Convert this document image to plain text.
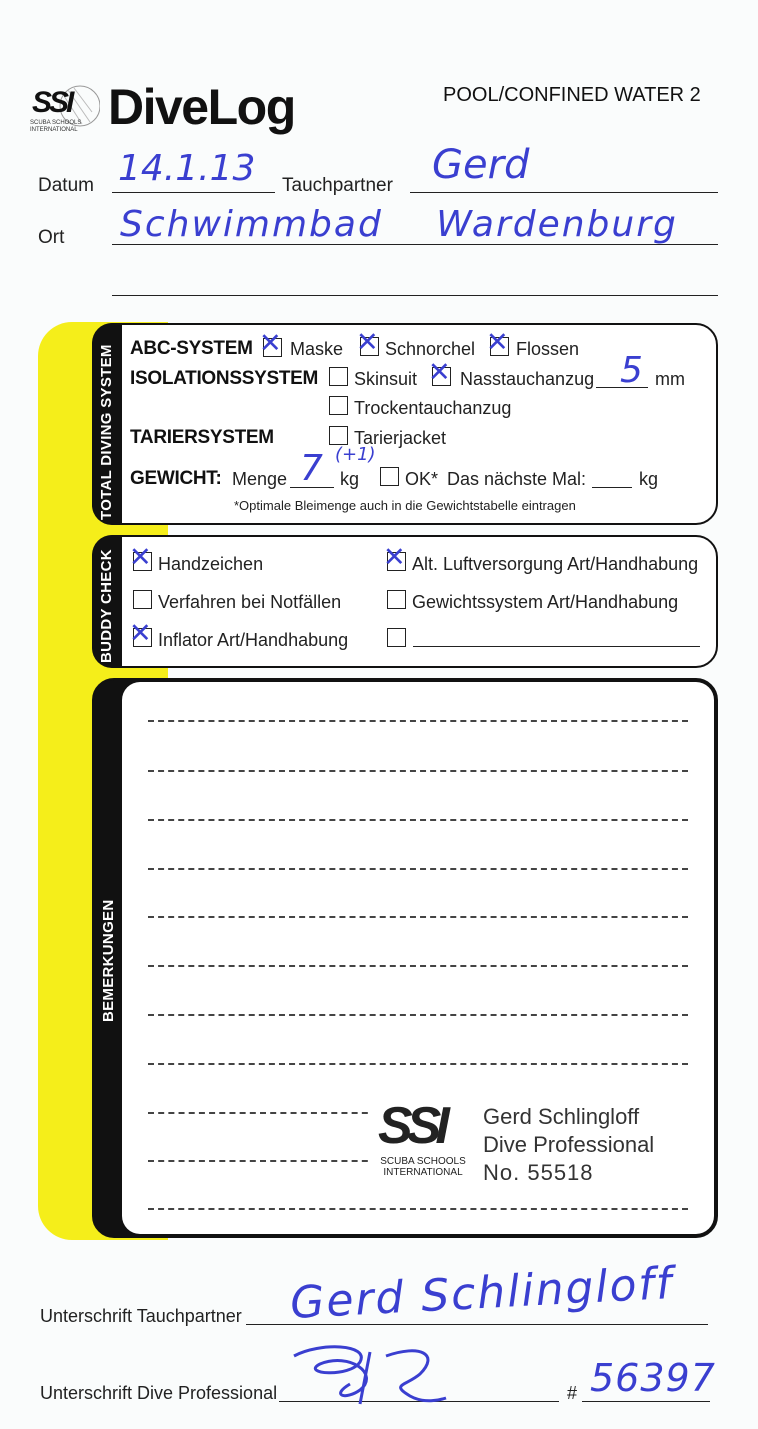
SSI
SCUBA SCHOOLS INTERNATIONAL DiveLog	POOL/CONFINED WATER 2
Datum 14.1.13 Tauchpartner Gerd
Ort Schwimmbad Wardenburg
TOTAL DIVING SYSTEM ABC-SYSTEM ✕ Maske ✕ Schnorchel ✕ Flossen
ISOLATIONSSYSTEM Skinsuit ✕ Nasstauchanzug 5 mm
Trockentauchanzug
TARIERSYSTEM	Tarierjacket
GEWICHT: Menge 7 (+1)
kg	OK* Das nächste Mal:	kg
*Optimale Bleimenge auch in die Gewichtstabelle eintragen
BUDDY CHECK ✕ Handzeichen	✕ Alt. Luftversorgung Art/Handhabung
Verfahren bei Notfällen	Gewichtssystem Art/Handhabung
✕ Inflator Art/Handhabung
BEMERKUNGEN
SSI
SCUBA SCHOOLS INTERNATIONAL
Gerd Schlingloff
Dive Professional
No. 55518
Unterschrift Tauchpartner Gerd Schlingloff
Unterschrift Dive Professional	# 56397
